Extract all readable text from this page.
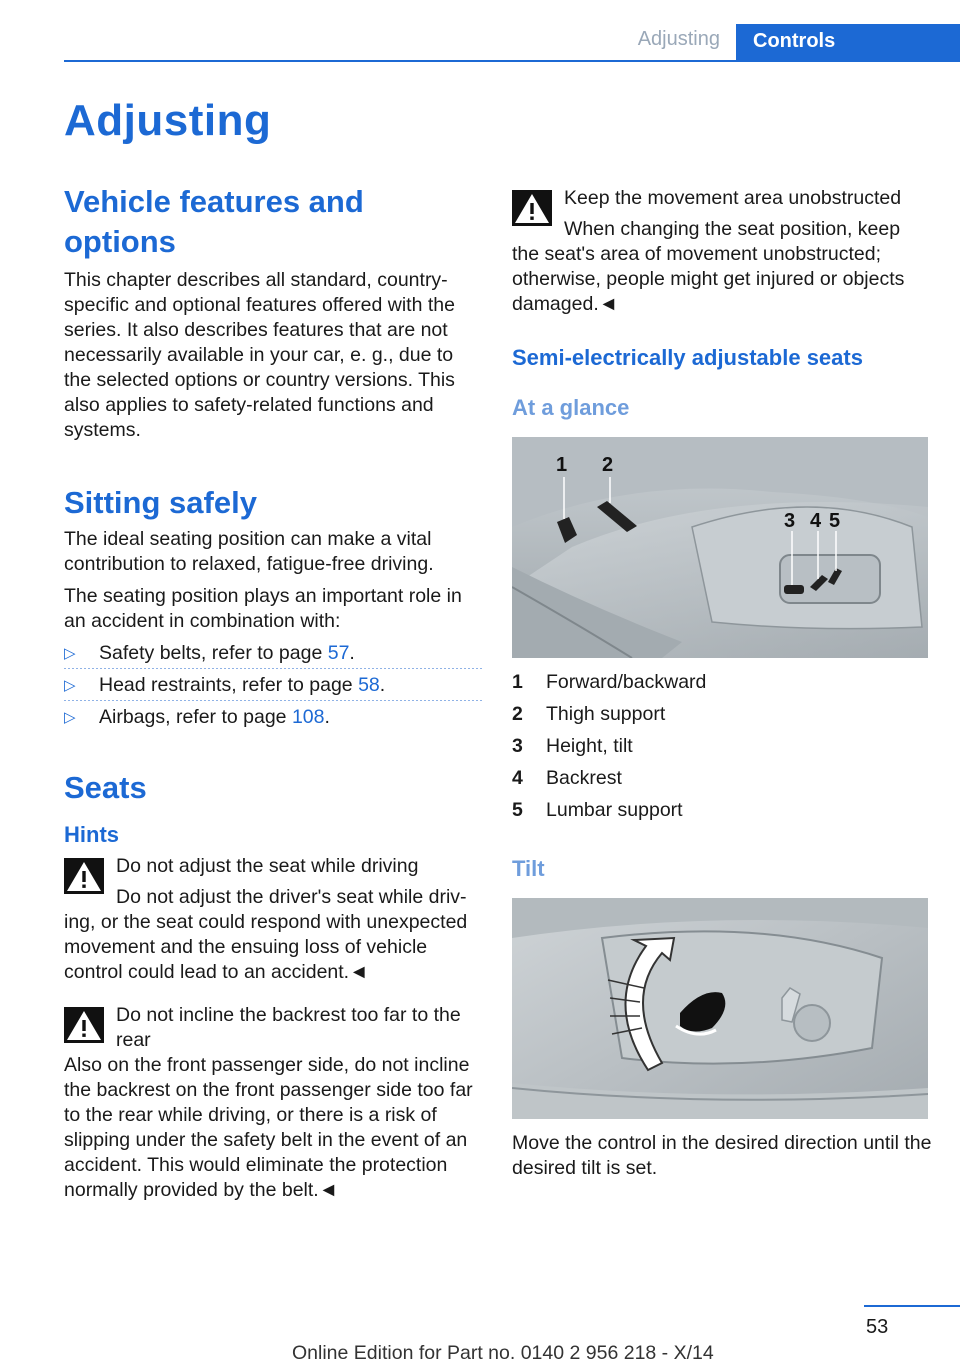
Adjusting	Controls
Adjusting
Vehicle features and options

This chapter describes all standard, country-specific and optional features offered with the series. It also describes features that are not necessarily available in your car, e. g., due to the selected options or country versions. This also applies to safety-related functions and systems.

Sitting safely

The ideal seating position can make a vital contribution to relaxed, fatigue-free driving.

The seating position plays an important role in an accident in combination with:

▷ Safety belts, refer to page 57.
▷ Head restraints, refer to page 58.
▷ Airbags, refer to page 108.
Seats
Hints
Do not adjust the seat while driving
Do not adjust the driver's seat while driv-
ing, or the seat could respond with unexpected movement and the ensuing loss of vehicle control could lead to an accident.◄
Do not incline the backrest too far to the rear
Also on the front passenger side, do not incline the backrest on the front passenger side too far to the rear while driving, or there is a risk of slipping under the safety belt in the event of an accident. This would eliminate the protection normally provided by the belt.◄
Keep the movement area unobstructed
When changing the seat position, keep
the seat's area of movement unobstructed; otherwise, people might get injured or objects damaged.◄
Semi-electrically adjustable seats
At a glance
1 2
3 4 5
1	Forward/backward
2	Thigh support
3	Height, tilt
4	Backrest
5	Lumbar support
Tilt

Move the control in the desired direction until the desired tilt is set.

53
Online Edition for Part no. 0140 2 956 218 - X/14
